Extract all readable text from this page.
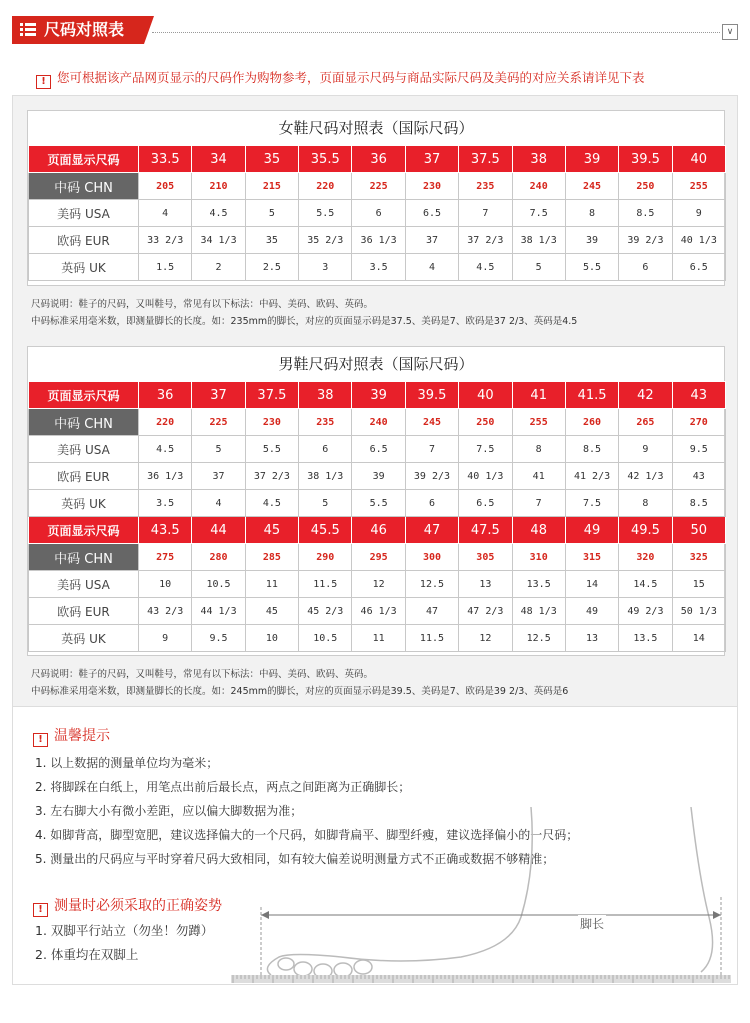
尺码对照表	∨
! 您可根据该产品网页显示的尺码作为购物参考，页面显示尺码与商品实际尺码及美码的对应关系请详见下表
女鞋尺码对照表（国际尺码）
页面显示尺码	33.5	34	35	35.5	36	37	37.5	38	39	39.5	40
中码 CHN	205	210	215	220	225	230	235	240	245	250	255
美码 USA	4	4.5	5	5.5	6	6.5	7	7.5	8	8.5	9
欧码 EUR	33 2/3	34 1/3	35	35 2/3	36 1/3	37	37 2/3	38 1/3	39	39 2/3	40 1/3
英码 UK	1.5	2	2.5	3	3.5	4	4.5	5	5.5	6	6.5
尺码说明：鞋子的尺码，又叫鞋号，常见有以下标法：中码、美码、欧码、英码。
中码标准采用毫米数，即测量脚长的长度。如：235mm的脚长，对应的页面显示码是37.5、美码是7、欧码是37 2/3、英码是4.5
男鞋尺码对照表（国际尺码）
页面显示尺码	36	37	37.5	38	39	39.5	40	41	41.5	42	43
中码 CHN	220	225	230	235	240	245	250	255	260	265	270
美码 USA	4.5	5	5.5	6	6.5	7	7.5	8	8.5	9	9.5
欧码 EUR	36 1/3	37	37 2/3	38 1/3	39	39 2/3	40 1/3	41	41 2/3	42 1/3	43
英码 UK	3.5	4	4.5	5	5.5	6	6.5	7	7.5	8	8.5
页面显示尺码	43.5	44	45	45.5	46	47	47.5	48	49	49.5	50
中码 CHN	275	280	285	290	295	300	305	310	315	320	325
美码 USA	10	10.5	11	11.5	12	12.5	13	13.5	14	14.5	15
欧码 EUR	43 2/3	44 1/3	45	45 2/3	46 1/3	47	47 2/3	48 1/3	49	49 2/3	50 1/3
英码 UK	9	9.5	10	10.5	11	11.5	12	12.5	13	13.5	14
尺码说明：鞋子的尺码，又叫鞋号，常见有以下标法：中码、美码、欧码、英码。
中码标准采用毫米数，即测量脚长的长度。如：245mm的脚长，对应的页面显示码是39.5、美码是7、欧码是39 2/3、英码是6
! 温馨提示
1. 以上数据的测量单位均为毫米；
2. 将脚踩在白纸上，用笔点出前后最长点，两点之间距离为正确脚长；
3. 左右脚大小有微小差距，应以偏大脚数据为准；
4. 如脚背高，脚型宽肥，建议选择偏大的一个尺码，如脚背扁平、脚型纤瘦，建议选择偏小的一尺码；
5. 测量出的尺码应与平时穿着尺码大致相同，如有较大偏差说明测量方式不正确或数据不够精准；
脚长
! 测量时必须采取的正确姿势
1. 双脚平行站立（勿坐！勿蹲）
2. 体重均在双脚上
